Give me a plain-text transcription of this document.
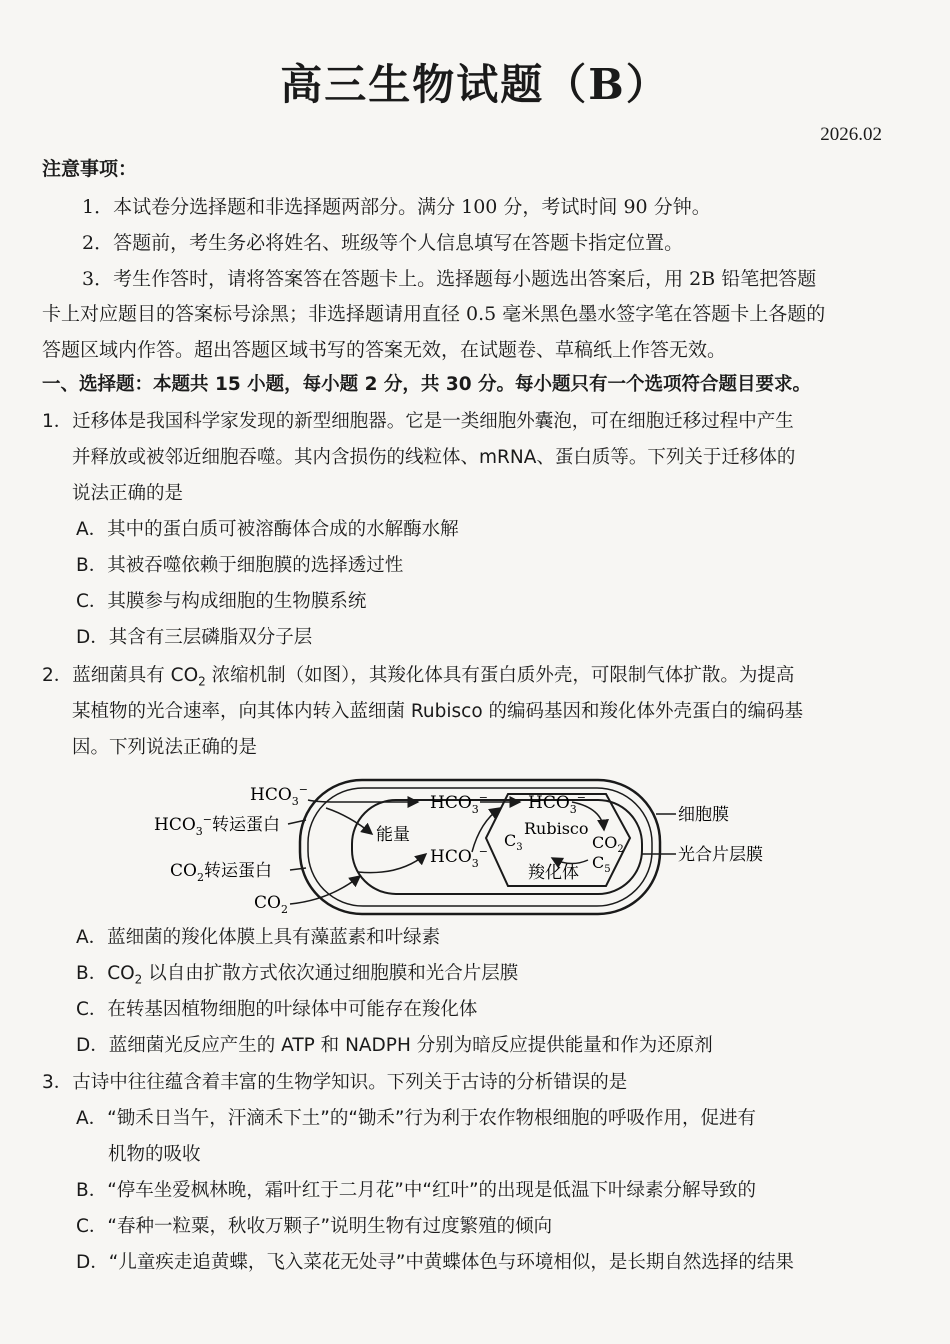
高三生物试题（B）
2026.02
注意事项：
1．本试卷分选择题和非选择题两部分。满分 100 分，考试时间 90 分钟。
2．答题前，考生务必将姓名、班级等个人信息填写在答题卡指定位置。
3．考生作答时，请将答案答在答题卡上。选择题每小题选出答案后，用 2B 铅笔把答题
卡上对应题目的答案标号涂黑；非选择题请用直径 0.5 毫米黑色墨水签字笔在答题卡上各题的
答题区域内作答。超出答题区域书写的答案无效，在试题卷、草稿纸上作答无效。
一、选择题：本题共 15 小题，每小题 2 分，共 30 分。每小题只有一个选项符合题目要求。
1．迁移体是我国科学家发现的新型细胞器。它是一类细胞外囊泡，可在细胞迁移过程中产生
并释放或被邻近细胞吞噬。其内含损伤的线粒体、mRNA、蛋白质等。下列关于迁移体的
说法正确的是
A．其中的蛋白质可被溶酶体合成的水解酶水解
B．其被吞噬依赖于细胞膜的选择透过性
C．其膜参与构成细胞的生物膜系统
D．其含有三层磷脂双分子层
2．蓝细菌具有 $CO_2$ 浓缩机制（如图），其羧化体具有蛋白质外壳，可限制气体扩散。为提高
某植物的光合速率，向其体内转入蓝细菌 Rubisco 的编码基因和羧化体外壳蛋白的编码基
因。下列说法正确的是
$HCO_3^-$
$HCO_3^-$转运蛋白
$CO_2$转运蛋白
$CO_2$
能量
$HCO_3^-$
$HCO_3^-$
$HCO_3^-$
Rubisco
$C_3$	$CO_2$
$C_5$
羧化体
细胞膜
光合片层膜
A．蓝细菌的羧化体膜上具有藻蓝素和叶绿素
B．$CO_2$ 以自由扩散方式依次通过细胞膜和光合片层膜
C．在转基因植物细胞的叶绿体中可能存在羧化体
D．蓝细菌光反应产生的 ATP 和 NADPH 分别为暗反应提供能量和作为还原剂
3．古诗中往往蕴含着丰富的生物学知识。下列关于古诗的分析错误的是
A．“锄禾日当午，汗滴禾下土”的“锄禾”行为利于农作物根细胞的呼吸作用，促进有
机物的吸收
B．“停车坐爱枫林晚，霜叶红于二月花”中“红叶”的出现是低温下叶绿素分解导致的
C．“春种一粒粟，秋收万颗子”说明生物有过度繁殖的倾向
D．“儿童疾走追黄蝶，飞入菜花无处寻”中黄蝶体色与环境相似，是长期自然选择的结果
